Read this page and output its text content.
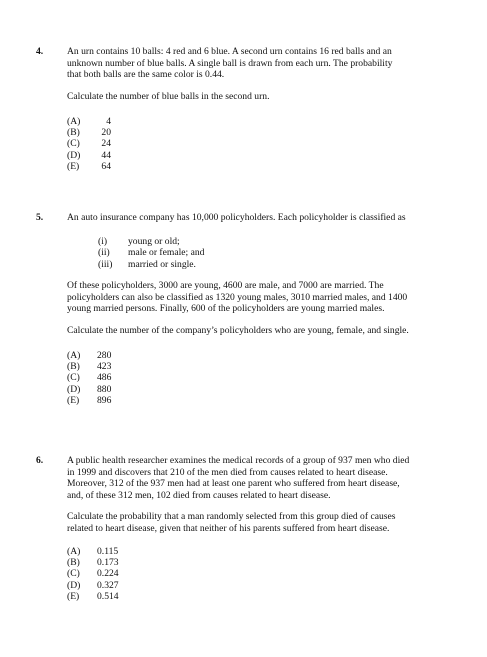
4. An urn contains 10 balls: 4 red and 6 blue. A second urn contains 16 red balls and an
unknown number of blue balls. A single ball is drawn from each urn. The probability
that both balls are the same color is 0.44.

Calculate the number of blue balls in the second urn.

(A)	4
(B)	20
(C)	24
(D)	44
(E)	64
5. An auto insurance company has 10,000 policyholders. Each policyholder is classified as

(i)	young or old;
(ii)	male or female; and
(iii)	married or single.

Of these policyholders, 3000 are young, 4600 are male, and 7000 are married. The
policyholders can also be classified as 1320 young males, 3010 married males, and 1400
young married persons. Finally, 600 of the policyholders are young married males.

Calculate the number of the company’s policyholders who are young, female, and single.

(A)	280
(B)	423
(C)	486
(D)	880
(E)	896
6. A public health researcher examines the medical records of a group of 937 men who died
in 1999 and discovers that 210 of the men died from causes related to heart disease.
Moreover, 312 of the 937 men had at least one parent who suffered from heart disease,
and, of these 312 men, 102 died from causes related to heart disease.

Calculate the probability that a man randomly selected from this group died of causes
related to heart disease, given that neither of his parents suffered from heart disease.

(A)	0.115
(B)	0.173
(C)	0.224
(D)	0.327
(E)	0.514
